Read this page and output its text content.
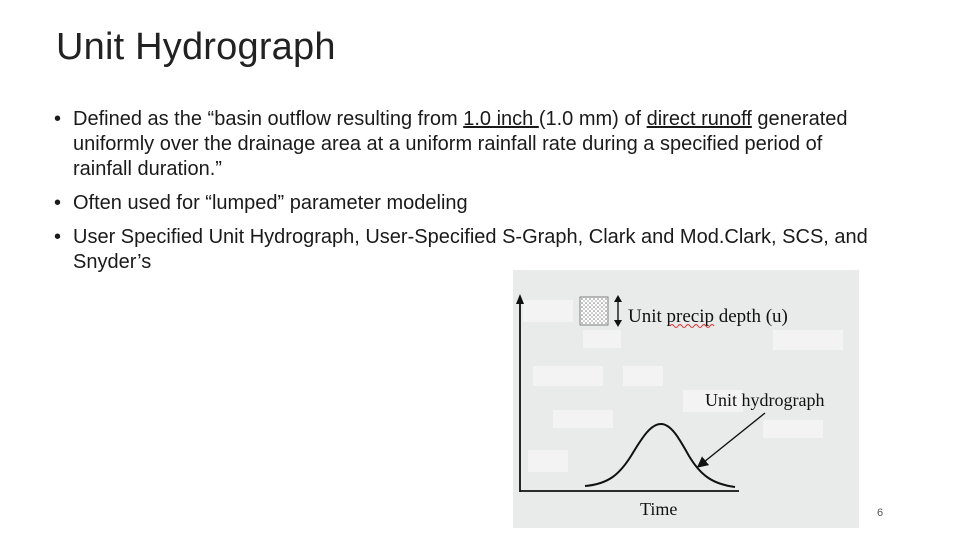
Unit Hydrograph
• Defined as the “basin outflow resulting from 1.0 inch (1.0 mm) of direct runoff generated uniformly over the drainage area at a uniform rainfall rate during a specified period of rainfall duration.”
• Often used for “lumped” parameter modeling
• User Specified Unit Hydrograph, User-Specified S-Graph, Clark and Mod.Clark, SCS, and Snyder’s
Unit precip depth (u)
Unit hydrograph
Time	6
